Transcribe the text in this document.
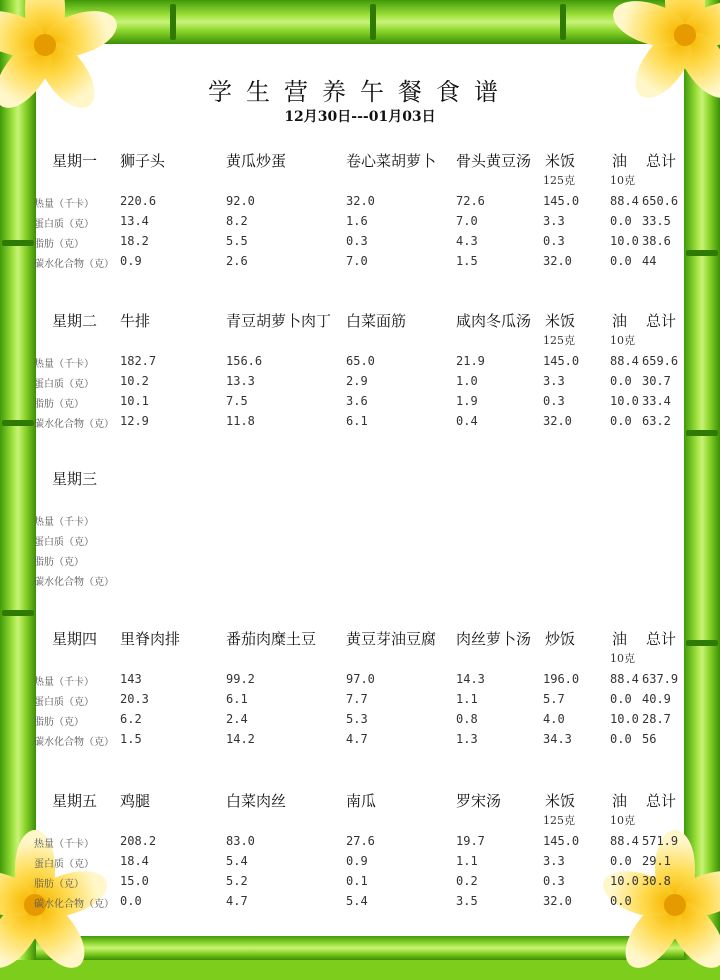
学生营养午餐食谱
12月30日---01月03日
星期一 狮子头	黄瓜炒蛋	卷心菜胡萝卜 骨头黄豆汤 米饭 油 总计
125克	10克
热量（千卡） 220.6	92.0	32.0	72.6	145.0	88.4 650.6
蛋白质（克） 13.4	8.2	1.6	7.0	3.3	0.0 33.5
脂肪（克）	18.2	5.5	0.3	4.3	0.3	10.0 38.6
碳水化合物（克） 0.9	2.6	7.0	1.5	32.0	0.0 44
星期二 牛排	青豆胡萝卜肉丁 白菜面筋	咸肉冬瓜汤 米饭 油 总计
125克	10克
热量（千卡） 182.7	156.6	65.0	21.9	145.0	88.4 659.6
蛋白质（克） 10.2	13.3	2.9	1.0	3.3	0.0 30.7
脂肪（克）	10.1	7.5	3.6	1.9	0.3	10.0 33.4
碳水化合物（克） 12.9	11.8	6.1	0.4	32.0	0.0 63.2
星期三
热量（千卡）
蛋白质（克）
脂肪（克）
碳水化合物（克）
星期四 里脊肉排	番茄肉糜土豆 黄豆芽油豆腐 肉丝萝卜汤 炒饭 油 总计
10克
热量（千卡） 143	99.2	97.0	14.3	196.0	88.4 637.9
蛋白质（克） 20.3	6.1	7.7	1.1	5.7	0.0 40.9
脂肪（克）	6.2	2.4	5.3	0.8	4.0	10.0 28.7
碳水化合物（克） 1.5	14.2	4.7	1.3	34.3	0.0 56
星期五 鸡腿	白菜肉丝	南瓜	罗宋汤	米饭 油 总计
125克	10克
热量（千卡） 208.2	83.0	27.6	19.7	145.0	88.4 571.9
蛋白质（克） 18.4	5.4	0.9	1.1	3.3	0.0 29.1
脂肪（克）	15.0	5.2	0.1	0.2	0.3	10.0 30.8
碳水化合物（克） 0.0	4.7	5.4	3.5	32.0	0.0
